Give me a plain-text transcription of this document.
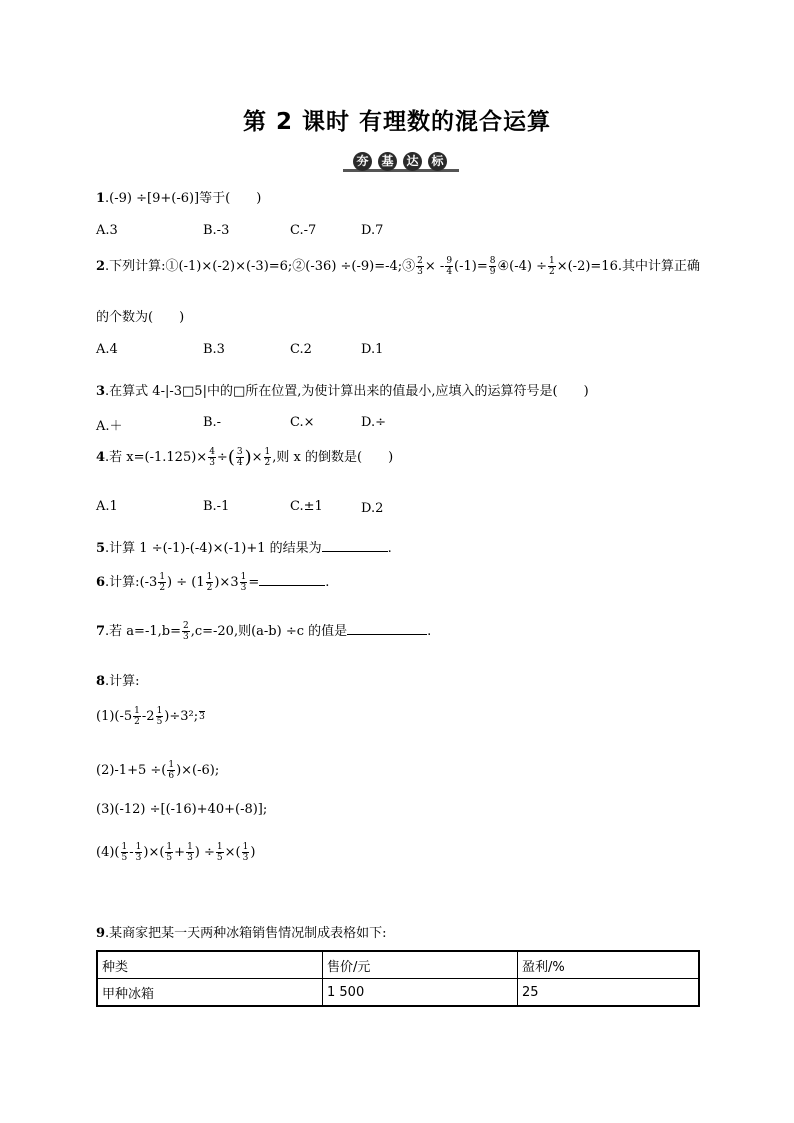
第 2 课时 有理数的混合运算
夯 基 达 标
1.(-9) ÷[9+(-6)]等于( )
A.3	B.-3	C.-7	D.7
2.下列计算:①(-1)×(-2)×(-3)=6;②(-36) ÷(-9)=-4;③ $\frac{2}{3}$ × - $\frac{9}{4} (-1)= \frac{8}{9}$ ④(-4) ÷ $\frac{1}{2} \times(-2)=16$.其中计算正确
的个数为( )
A.4	B.3	C.2	D.1
3.在算式 4-|-3□5|中的□所在位置,为使计算出来的值最小,应填入的运算符号是( )
A.＋	B.-	C.×	D.÷
4.若 $x=(-1.125)\times \frac{4}{3}$ ÷( $\frac{3}{4}$ )× $\frac{1}{2}$ ,则 x 的倒数是( )
A.1	B.-1	C.±1	D.2
5.计算 1 ÷(-1)-(-4)×(-1)+1 的结果为	.
6.计算:(-3 $\frac{1}{2}$ ) ÷ $(1 \frac{1}{2} )\times 3 \frac{1}{3}$ =	.
7.若 $a=-1,b= \frac{2}{3} ,c=-20$,则(a-b) ÷c 的值是	.
8.计算:
$(1)(-5 \frac{1}{2} -2 \frac{1}{5} )\div 3^2$; 3
(2)-1+5 ÷( $\frac{1}{6} )\times(-6)$;
(3)(-12) ÷[(-16)+40+(-8)];
$(4)( \frac{1}{5} - \frac{1}{3}$ )×( $\frac{1}{5} + \frac{1}{3}$ ) ÷ $\frac{1}{5}$ ×( $\frac{1}{3}$ )
9.某商家把某一天两种冰箱销售情况制成表格如下:
种类	售价/元	盈利/%
甲种冰箱	1 500	25
